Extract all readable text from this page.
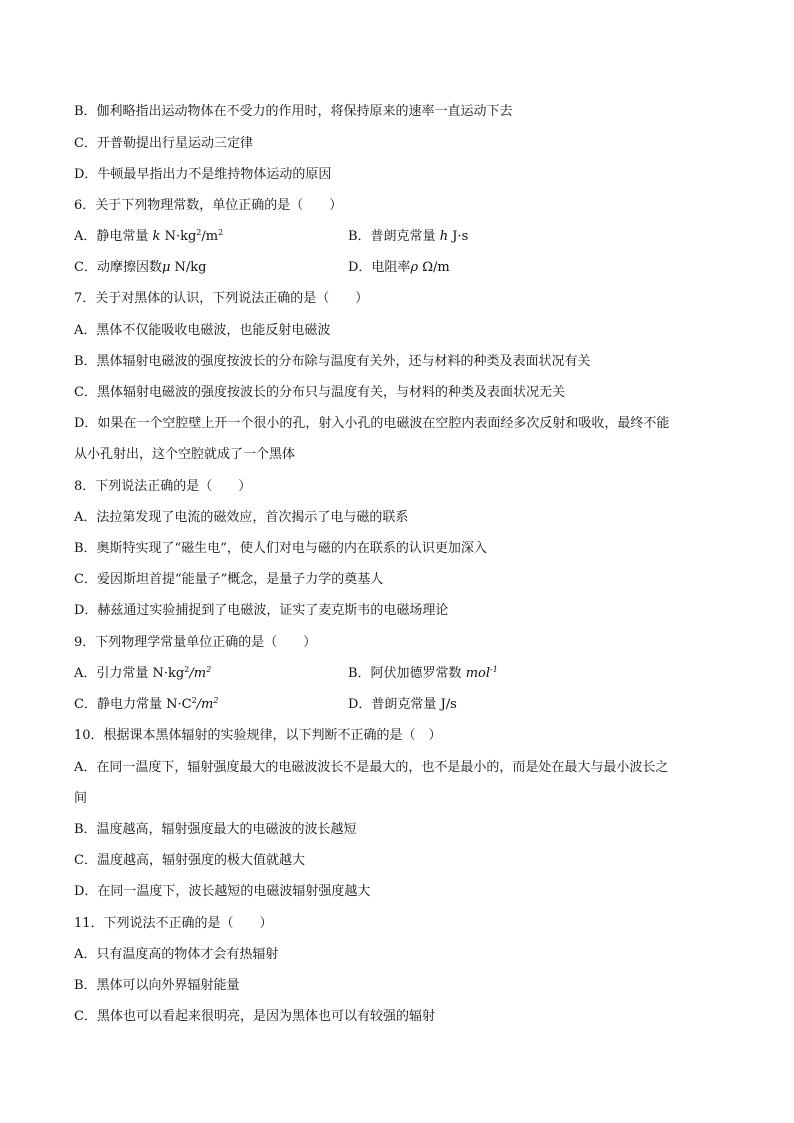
B．伽利略指出运动物体在不受力的作用时，将保持原来的速率一直运动下去
C．开普勒提出行星运动三定律
D．牛顿最早指出力不是维持物体运动的原因
6．关于下列物理常数，单位正确的是（　　）
A．静电常量 k $N\cdot kg^2/m^2$	B．普朗克常量 h J·s
C．动摩擦因数μ N/kg	D．电阻率ρ Ω/m
7．关于对黑体的认识，下列说法正确的是（　　）
A．黑体不仅能吸收电磁波，也能反射电磁波
B．黑体辐射电磁波的强度按波长的分布除与温度有关外，还与材料的种类及表面状况有关
C．黑体辐射电磁波的强度按波长的分布只与温度有关，与材料的种类及表面状况无关
D．如果在一个空腔壁上开一个很小的孔，射入小孔的电磁波在空腔内表面经多次反射和吸收，最终不能
从小孔射出，这个空腔就成了一个黑体
8．下列说法正确的是（　　）
A．法拉第发现了电流的磁效应，首次揭示了电与磁的联系
B．奥斯特实现了“磁生电”，使人们对电与磁的内在联系的认识更加深入
C．爱因斯坦首提“能量子”概念，是量子力学的奠基人
D．赫兹通过实验捕捉到了电磁波，证实了麦克斯韦的电磁场理论
9．下列物理学常量单位正确的是（　　）
A．引力常量 $N\cdot kg^2/m^2$	B．阿伏加德罗常数 mol$^{-1}$
C．静电力常量 $N\cdot C^2/m^2$	D．普朗克常量 J/s
10．根据课本黑体辐射的实验规律，以下判断不正确的是（　）
A．在同一温度下，辐射强度最大的电磁波波长不是最大的，也不是最小的，而是处在最大与最小波长之
间
B．温度越高，辐射强度最大的电磁波的波长越短
C．温度越高，辐射强度的极大值就越大
D．在同一温度下，波长越短的电磁波辐射强度越大
11．下列说法不正确的是（　　）
A．只有温度高的物体才会有热辐射
B．黑体可以向外界辐射能量
C．黑体也可以看起来很明亮，是因为黑体也可以有较强的辐射
